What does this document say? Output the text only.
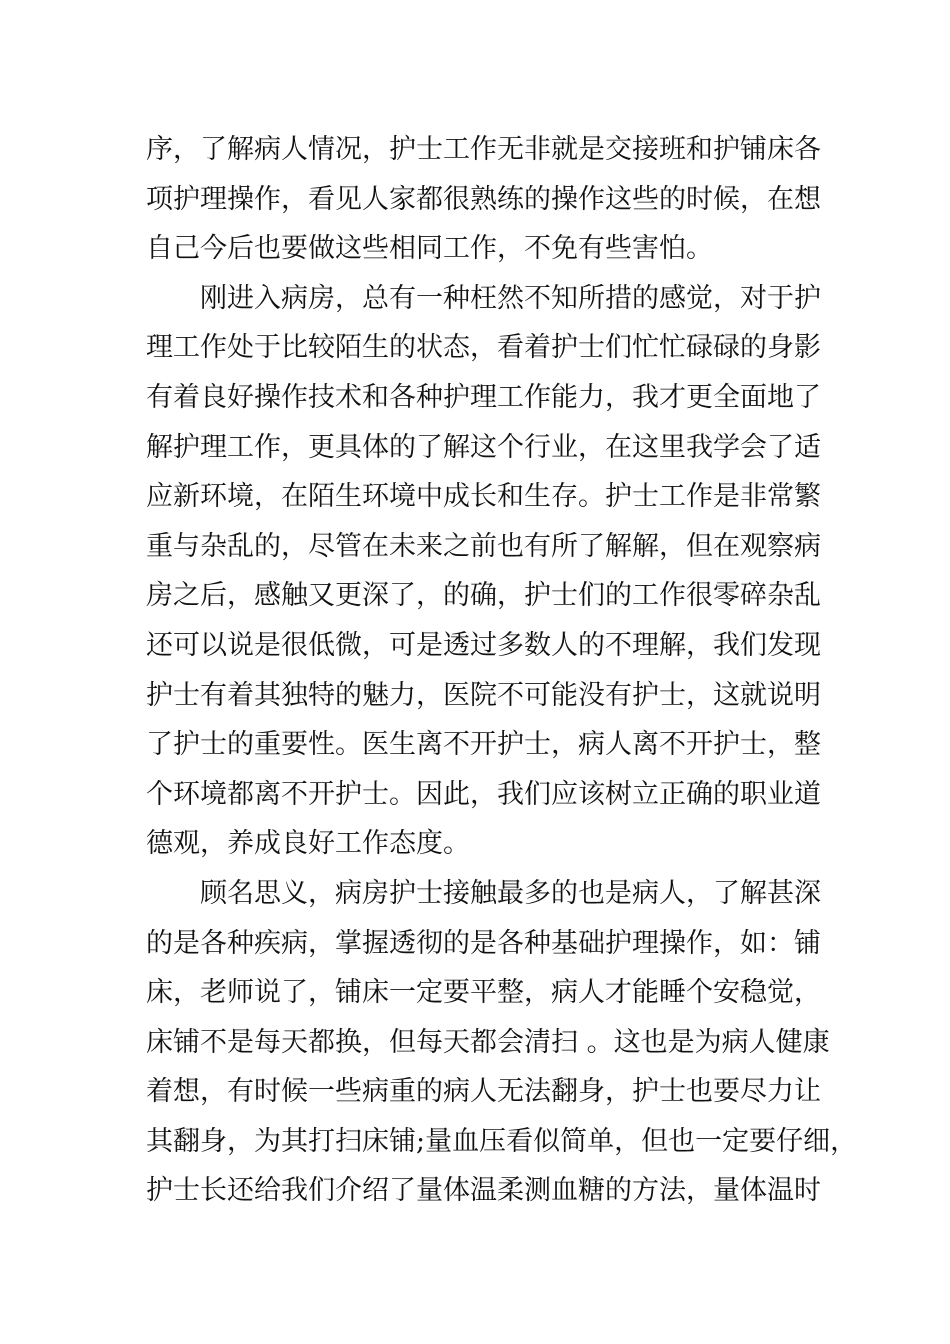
序，了解病人情况，护士工作无非就是交接班和护铺床各
项护理操作，看见人家都很熟练的操作这些的时候，在想
自己今后也要做这些相同工作，不免有些害怕。
刚进入病房，总有一种枉然不知所措的感觉，对于护
理工作处于比较陌生的状态，看着护士们忙忙碌碌的身影
有着良好操作技术和各种护理工作能力，我才更全面地了
解护理工作，更具体的了解这个行业，在这里我学会了适
应新环境，在陌生环境中成长和生存。护士工作是非常繁
重与杂乱的，尽管在未来之前也有所了解解，但在观察病
房之后，感触又更深了，的确，护士们的工作很零碎杂乱
还可以说是很低微，可是透过多数人的不理解，我们发现
护士有着其独特的魅力，医院不可能没有护士，这就说明
了护士的重要性。医生离不开护士，病人离不开护士，整
个环境都离不开护士。因此，我们应该树立正确的职业道
德观，养成良好工作态度。
顾名思义，病房护士接触最多的也是病人，了解甚深
的是各种疾病，掌握透彻的是各种基础护理操作，如：铺
床，老师说了，铺床一定要平整，病人才能睡个安稳觉，
床铺不是每天都换，但每天都会清扫 。这也是为病人健康
着想，有时候一些病重的病人无法翻身，护士也要尽力让
其翻身，为其打扫床铺;量血压看似简单，但也一定要仔细，
护士长还给我们介绍了量体温柔测血糖的方法，量体温时
